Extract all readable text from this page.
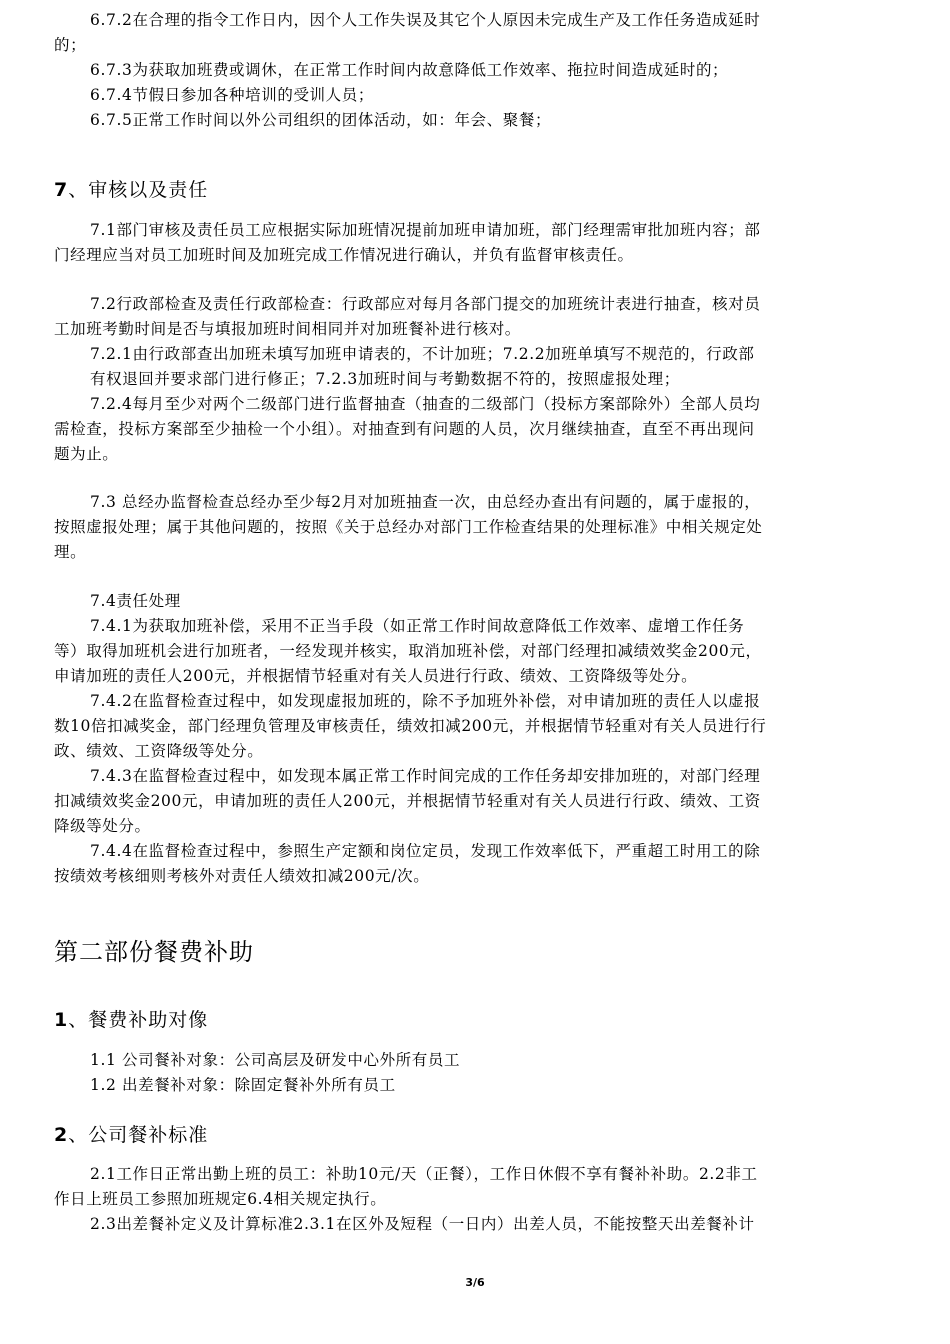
6.7.2在合理的指令工作日内，因个人工作失误及其它个人原因未完成生产及工作任务造成延时
的；
6.7.3为获取加班费或调休，在正常工作时间内故意降低工作效率、拖拉时间造成延时的；
6.7.4节假日参加各种培训的受训人员；
6.7.5正常工作时间以外公司组织的团体活动，如：年会、聚餐；
7、审核以及责任
7.1部门审核及责任员工应根据实际加班情况提前加班申请加班，部门经理需审批加班内容；部
门经理应当对员工加班时间及加班完成工作情况进行确认，并负有监督审核责任。
7.2行政部检查及责任行政部检查：行政部应对每月各部门提交的加班统计表进行抽查，核对员
工加班考勤时间是否与填报加班时间相同并对加班餐补进行核对。
7.2.1由行政部查出加班未填写加班申请表的，不计加班；7.2.2加班单填写不规范的，行政部
有权退回并要求部门进行修正；7.2.3加班时间与考勤数据不符的，按照虚报处理；
7.2.4每月至少对两个二级部门进行监督抽查（抽查的二级部门（投标方案部除外）全部人员均
需检查，投标方案部至少抽检一个小组）。对抽查到有问题的人员，次月继续抽查，直至不再出现问
题为止。
7.3 总经办监督检查总经办至少每2月对加班抽查一次，由总经办查出有问题的，属于虚报的，
按照虚报处理；属于其他问题的，按照《关于总经办对部门工作检查结果的处理标准》中相关规定处
理。
7.4责任处理
7.4.1为获取加班补偿，采用不正当手段（如正常工作时间故意降低工作效率、虚增工作任务
等）取得加班机会进行加班者，一经发现并核实，取消加班补偿，对部门经理扣减绩效奖金200元，
申请加班的责任人200元，并根据情节轻重对有关人员进行行政、绩效、工资降级等处分。
7.4.2在监督检查过程中，如发现虚报加班的，除不予加班外补偿，对申请加班的责任人以虚报
数10倍扣减奖金，部门经理负管理及审核责任，绩效扣减200元，并根据情节轻重对有关人员进行行
政、绩效、工资降级等处分。
7.4.3在监督检查过程中，如发现本属正常工作时间完成的工作任务却安排加班的，对部门经理
扣减绩效奖金200元，申请加班的责任人200元，并根据情节轻重对有关人员进行行政、绩效、工资
降级等处分。
7.4.4在监督检查过程中，参照生产定额和岗位定员，发现工作效率低下，严重超工时用工的除
按绩效考核细则考核外对责任人绩效扣减200元/次。
第二部份餐费补助
1、餐费补助对像
1.1 公司餐补对象：公司高层及研发中心外所有员工
1.2 出差餐补对象：除固定餐补外所有员工
2、公司餐补标准
2.1工作日正常出勤上班的员工：补助10元/天（正餐），工作日休假不享有餐补补助。2.2非工
作日上班员工参照加班规定6.4相关规定执行。
2.3出差餐补定义及计算标准2.3.1在区外及短程（一日内）出差人员，不能按整天出差餐补计
3/6
